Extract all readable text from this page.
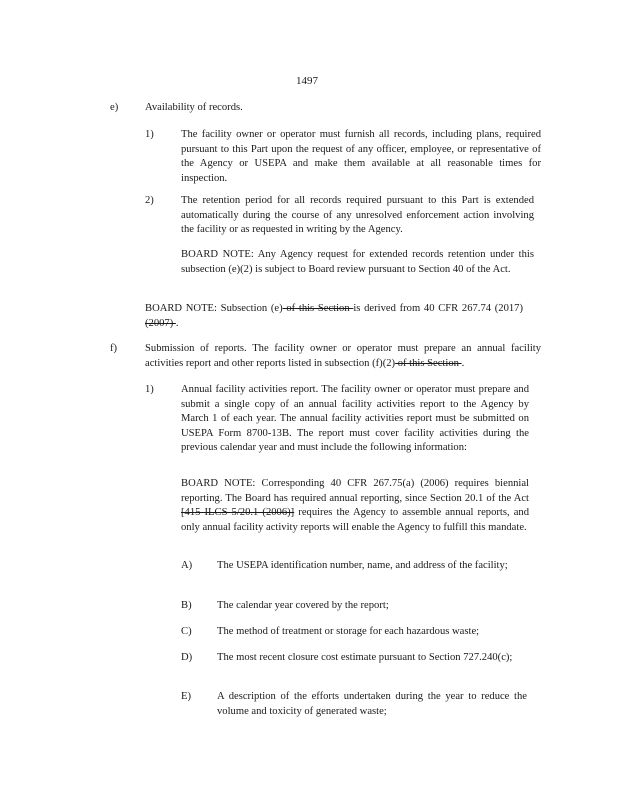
1497

e)	Availability of records.

1)	The facility owner or operator must furnish all records, including plans, required pursuant to this Part upon the request of any officer, employee, or representative of the Agency or USEPA and make them available at all reasonable times for inspection.

2)	The retention period for all records required pursuant to this Part is extended automatically during the course of any unresolved enforcement action involving the facility or as requested in writing by the Agency.

BOARD NOTE: Any Agency request for extended records retention under this subsection (e)(2) is subject to Board review pursuant to Section 40 of the Act.

BOARD NOTE: Subsection (e) of this Section is derived from 40 CFR 267.74 (2017) (2007) .

f)	Submission of reports. The facility owner or operator must prepare an annual facility activities report and other reports listed in subsection (f)(2) of this Section .

1)	Annual facility activities report. The facility owner or operator must prepare and submit a single copy of an annual facility activities report to the Agency by March 1 of each year. The annual facility activities report must be submitted on USEPA Form 8700-13B. The report must cover facility activities during the previous calendar year and must include the following information:

BOARD NOTE: Corresponding 40 CFR 267.75(a) (2006) requires biennial reporting. The Board has required annual reporting, since Section 20.1 of the Act [415 ILCS 5/20.1 (2006)] requires the Agency to assemble annual reports, and only annual facility activity reports will enable the Agency to fulfill this mandate.

A) The USEPA identification number, name, and address of the facility;

B) The calendar year covered by the report;

C) The method of treatment or storage for each hazardous waste;

D) The most recent closure cost estimate pursuant to Section 727.240(c);

E) A description of the efforts undertaken during the year to reduce the volume and toxicity of generated waste;
